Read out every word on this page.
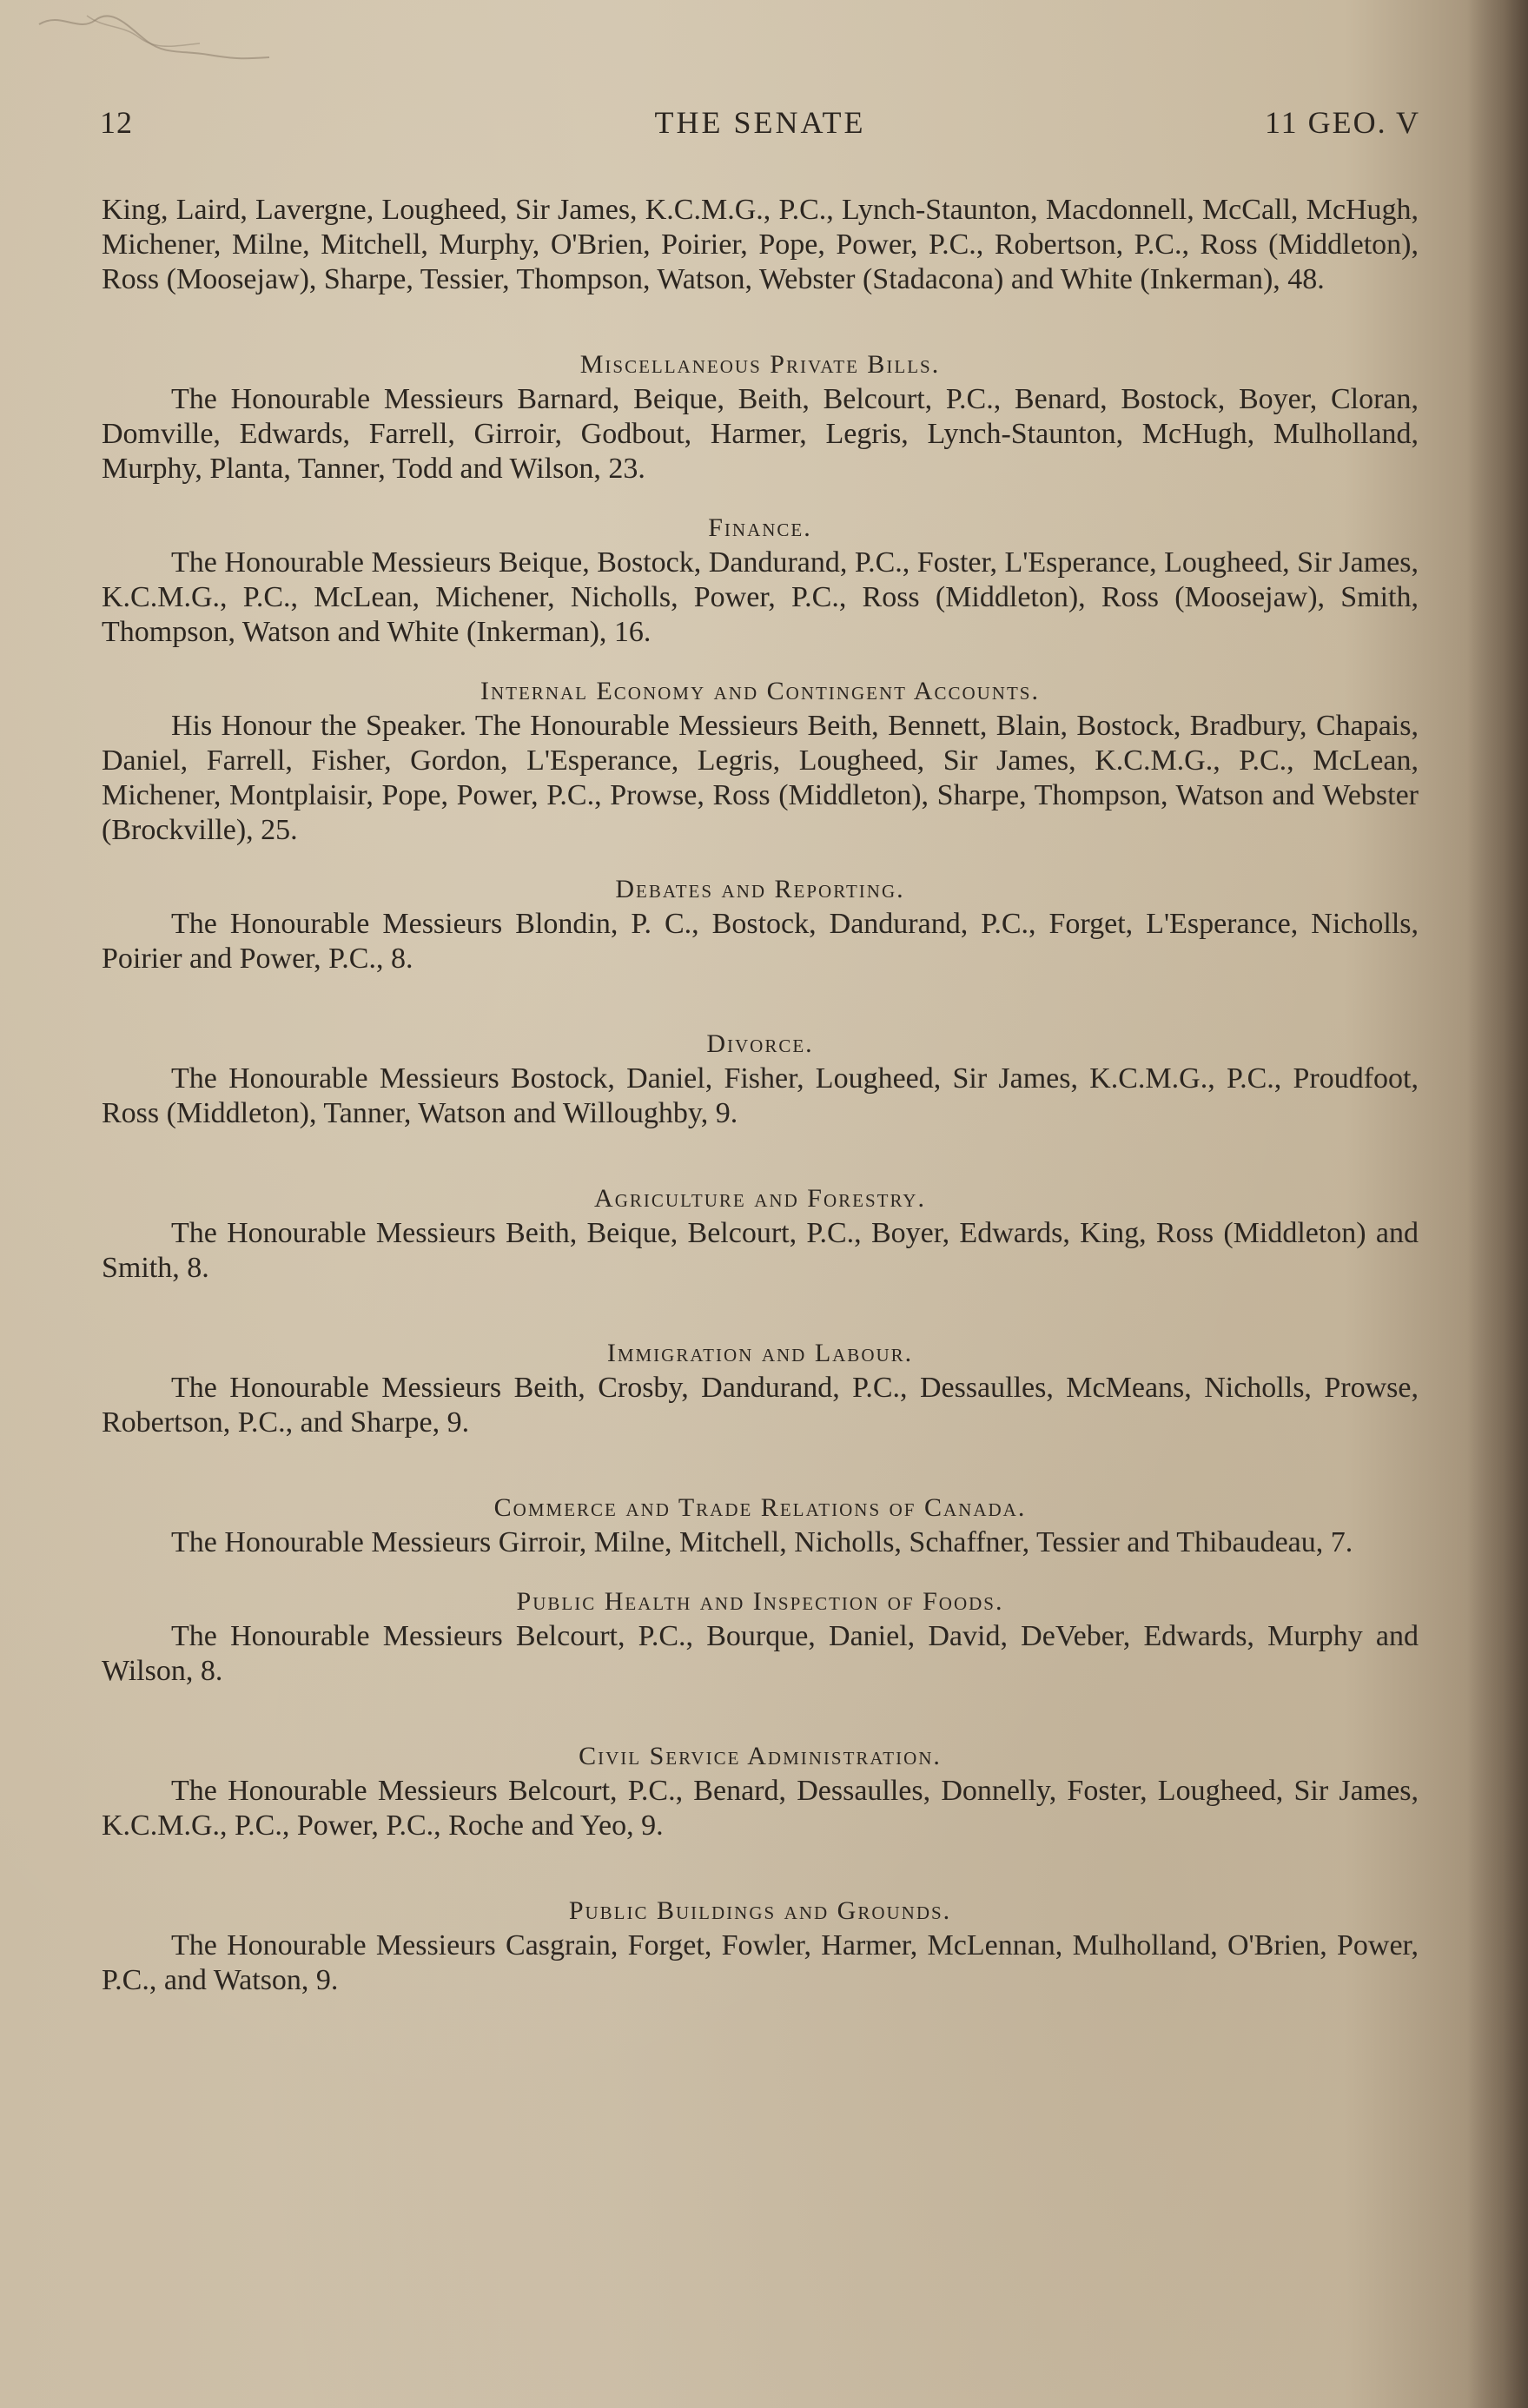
12	THE SENATE	11 GEO. V

King, Laird, Lavergne, Lougheed, Sir James, K.C.M.G., P.C., Lynch-Staunton, Macdonnell, McCall, McHugh, Michener, Milne, Mitchell, Murphy, O'Brien, Poirier, Pope, Power, P.C., Robertson, P.C., Ross (Middleton), Ross (Moosejaw), Sharpe, Tessier, Thompson, Watson, Webster (Stadacona) and White (Inkerman), 48.

Miscellaneous Private Bills.

The Honourable Messieurs Barnard, Beique, Beith, Belcourt, P.C., Benard, Bostock, Boyer, Cloran, Domville, Edwards, Farrell, Girroir, Godbout, Harmer, Legris, Lynch-Staunton, McHugh, Mulholland, Murphy, Planta, Tanner, Todd and Wilson, 23.

Finance.

The Honourable Messieurs Beique, Bostock, Dandurand, P.C., Foster, L'Esperance, Lougheed, Sir James, K.C.M.G., P.C., McLean, Michener, Nicholls, Power, P.C., Ross (Middleton), Ross (Moosejaw), Smith, Thompson, Watson and White (Inkerman), 16.

Internal Economy and Contingent Accounts.

His Honour the Speaker. The Honourable Messieurs Beith, Bennett, Blain, Bostock, Bradbury, Chapais, Daniel, Farrell, Fisher, Gordon, L'Esperance, Legris, Lougheed, Sir James, K.C.M.G., P.C., McLean, Michener, Montplaisir, Pope, Power, P.C., Prowse, Ross (Middleton), Sharpe, Thompson, Watson and Webster (Brockville), 25.

Debates and Reporting.

The Honourable Messieurs Blondin, P. C., Bostock, Dandurand, P.C., Forget, L'Esperance, Nicholls, Poirier and Power, P.C., 8.

Divorce.

The Honourable Messieurs Bostock, Daniel, Fisher, Lougheed, Sir James, K.C.M.G., P.C., Proudfoot, Ross (Middleton), Tanner, Watson and Willoughby, 9.

Agriculture and Forestry.

The Honourable Messieurs Beith, Beique, Belcourt, P.C., Boyer, Edwards, King, Ross (Middleton) and Smith, 8.

Immigration and Labour.

The Honourable Messieurs Beith, Crosby, Dandurand, P.C., Dessaulles, McMeans, Nicholls, Prowse, Robertson, P.C., and Sharpe, 9.

Commerce and Trade Relations of Canada.

The Honourable Messieurs Girroir, Milne, Mitchell, Nicholls, Schaffner, Tessier and Thibaudeau, 7.

Public Health and Inspection of Foods.

The Honourable Messieurs Belcourt, P.C., Bourque, Daniel, David, DeVeber, Edwards, Murphy and Wilson, 8.

Civil Service Administration.

The Honourable Messieurs Belcourt, P.C., Benard, Dessaulles, Donnelly, Foster, Lougheed, Sir James, K.C.M.G., P.C., Power, P.C., Roche and Yeo, 9.

Public Buildings and Grounds.

The Honourable Messieurs Casgrain, Forget, Fowler, Harmer, McLennan, Mulholland, O'Brien, Power, P.C., and Watson, 9.
